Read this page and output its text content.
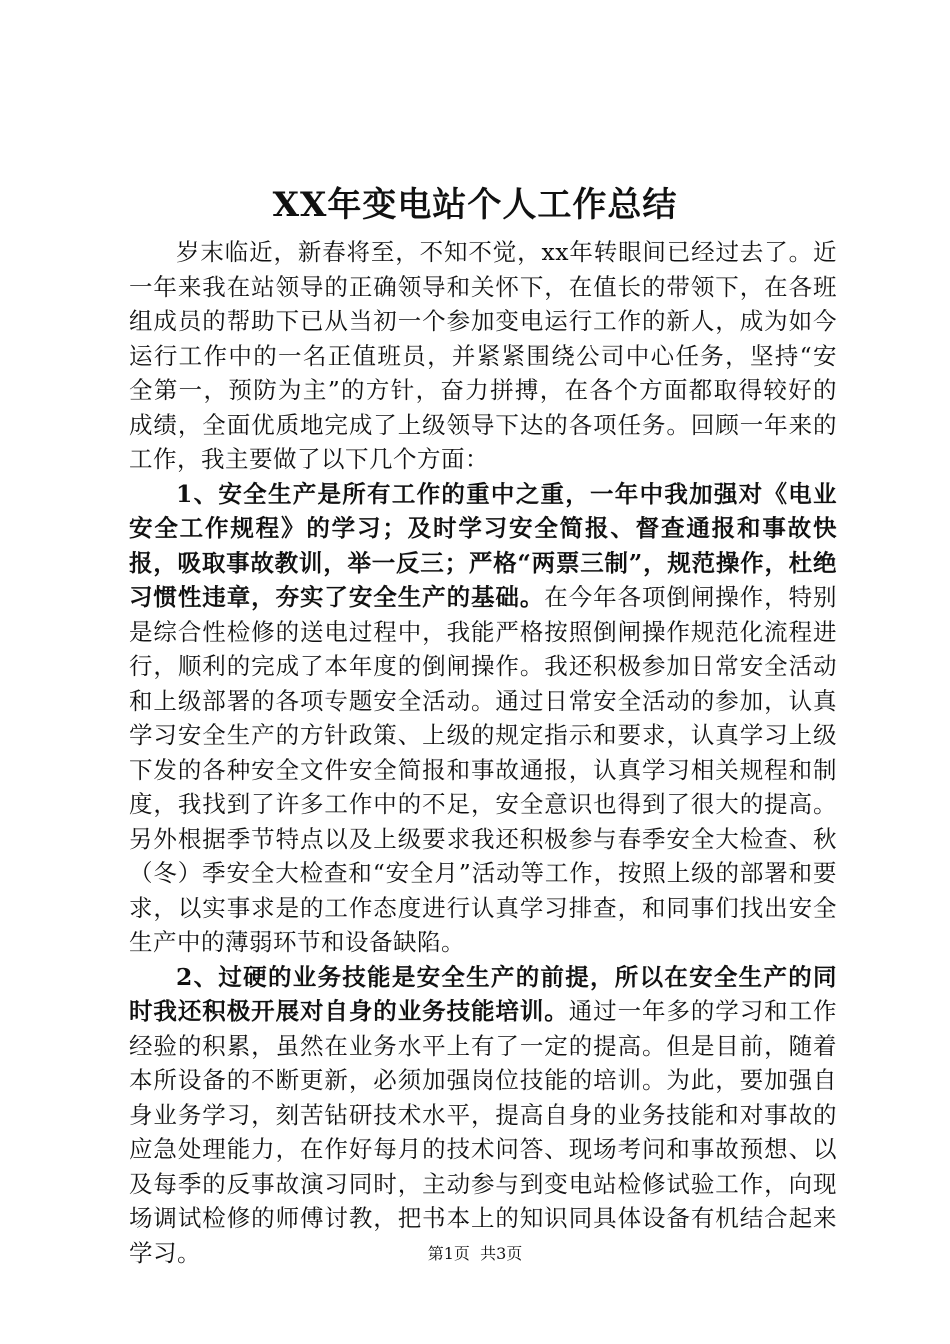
XX年变电站个人工作总结

岁末临近，新春将至，不知不觉，xx年转眼间已经过去了。近一年来我在站领导的正确领导和关怀下，在值长的带领下，在各班组成员的帮助下已从当初一个参加变电运行工作的新人，成为如今运行工作中的一名正值班员，并紧紧围绕公司中心任务，坚持“安全第一，预防为主”的方针，奋力拼搏，在各个方面都取得较好的成绩，全面优质地完成了上级领导下达的各项任务。回顾一年来的工作，我主要做了以下几个方面：

1、安全生产是所有工作的重中之重，一年中我加强对《电业安全工作规程》的学习；及时学习安全简报、督查通报和事故快报，吸取事故教训，举一反三；严格“两票三制”，规范操作，杜绝习惯性违章，夯实了安全生产的基础。在今年各项倒闸操作，特别是综合性检修的送电过程中，我能严格按照倒闸操作规范化流程进行，顺利的完成了本年度的倒闸操作。我还积极参加日常安全活动和上级部署的各项专题安全活动。通过日常安全活动的参加，认真学习安全生产的方针政策、上级的规定指示和要求，认真学习上级下发的各种安全文件安全简报和事故通报，认真学习相关规程和制度，我找到了许多工作中的不足，安全意识也得到了很大的提高。另外根据季节特点以及上级要求我还积极参与春季安全大检查、秋（冬）季安全大检查和“安全月”活动等工作，按照上级的部署和要求，以实事求是的工作态度进行认真学习排查，和同事们找出安全生产中的薄弱环节和设备缺陷。

2、过硬的业务技能是安全生产的前提，所以在安全生产的同时我还积极开展对自身的业务技能培训。通过一年多的学习和工作经验的积累，虽然在业务水平上有了一定的提高。但是目前，随着本所设备的不断更新，必须加强岗位技能的培训。为此，要加强自身业务学习，刻苦钻研技术水平，提高自身的业务技能和对事故的应急处理能力，在作好每月的技术问答、现场考问和事故预想、以及每季的反事故演习同时，主动参与到变电站检修试验工作，向现场调试检修的师傅讨教，把书本上的知识同具体设备有机结合起来学习。	第1页  共3页
